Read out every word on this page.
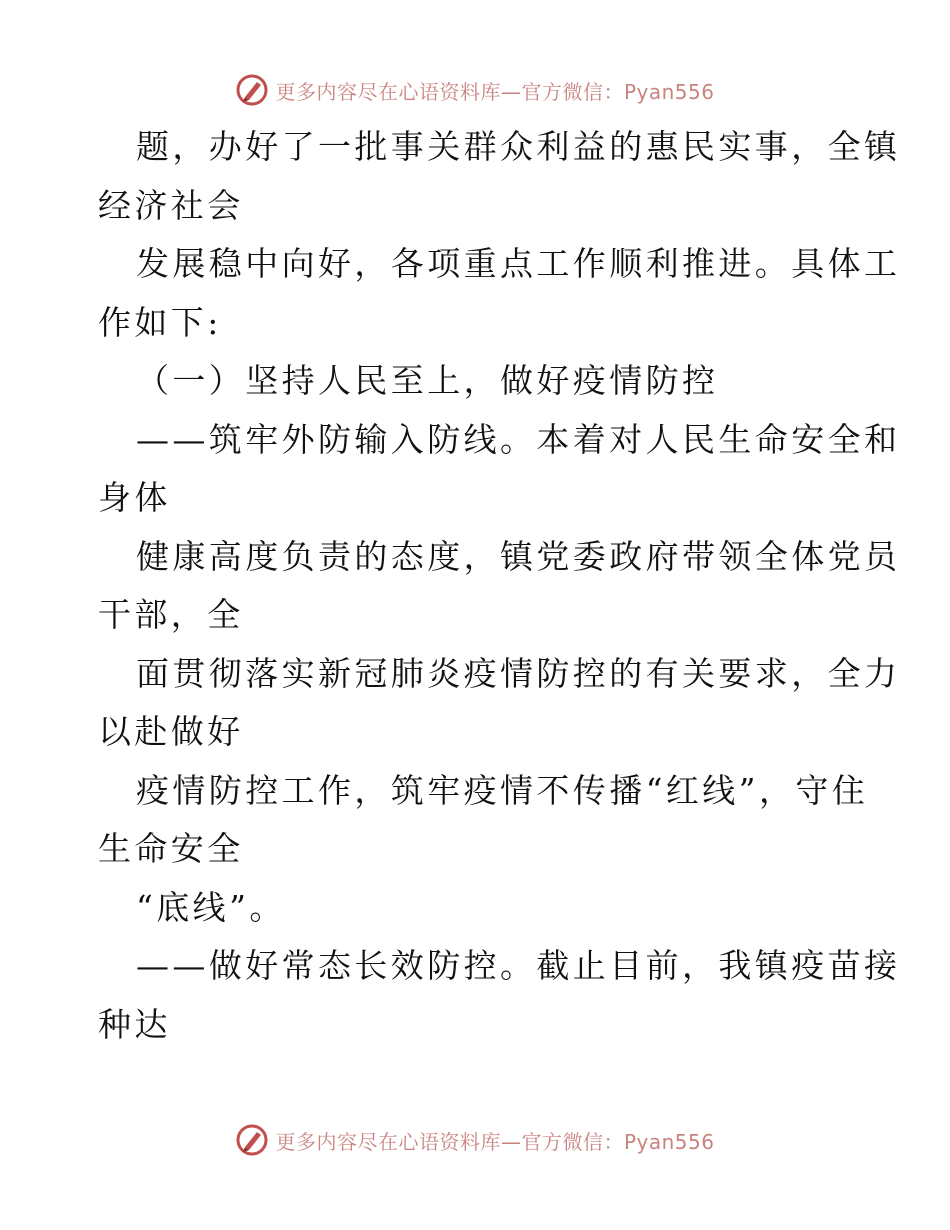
更多内容尽在心语资料库—官方微信：Pyan556
题，办好了一批事关群众利益的惠民实事，全镇
经济社会
发展稳中向好，各项重点工作顺利推进。具体工
作如下:
（一）坚持人民至上，做好疫情防控
——筑牢外防输入防线。本着对人民生命安全和
身体
健康高度负责的态度，镇党委政府带领全体党员
干部，全
面贯彻落实新冠肺炎疫情防控的有关要求，全力
以赴做好
疫情防控工作，筑牢疫情不传播“红线”，守住
生命安全
“底线”。
——做好常态长效防控。截止目前，我镇疫苗接
种达
更多内容尽在心语资料库—官方微信：Pyan556
